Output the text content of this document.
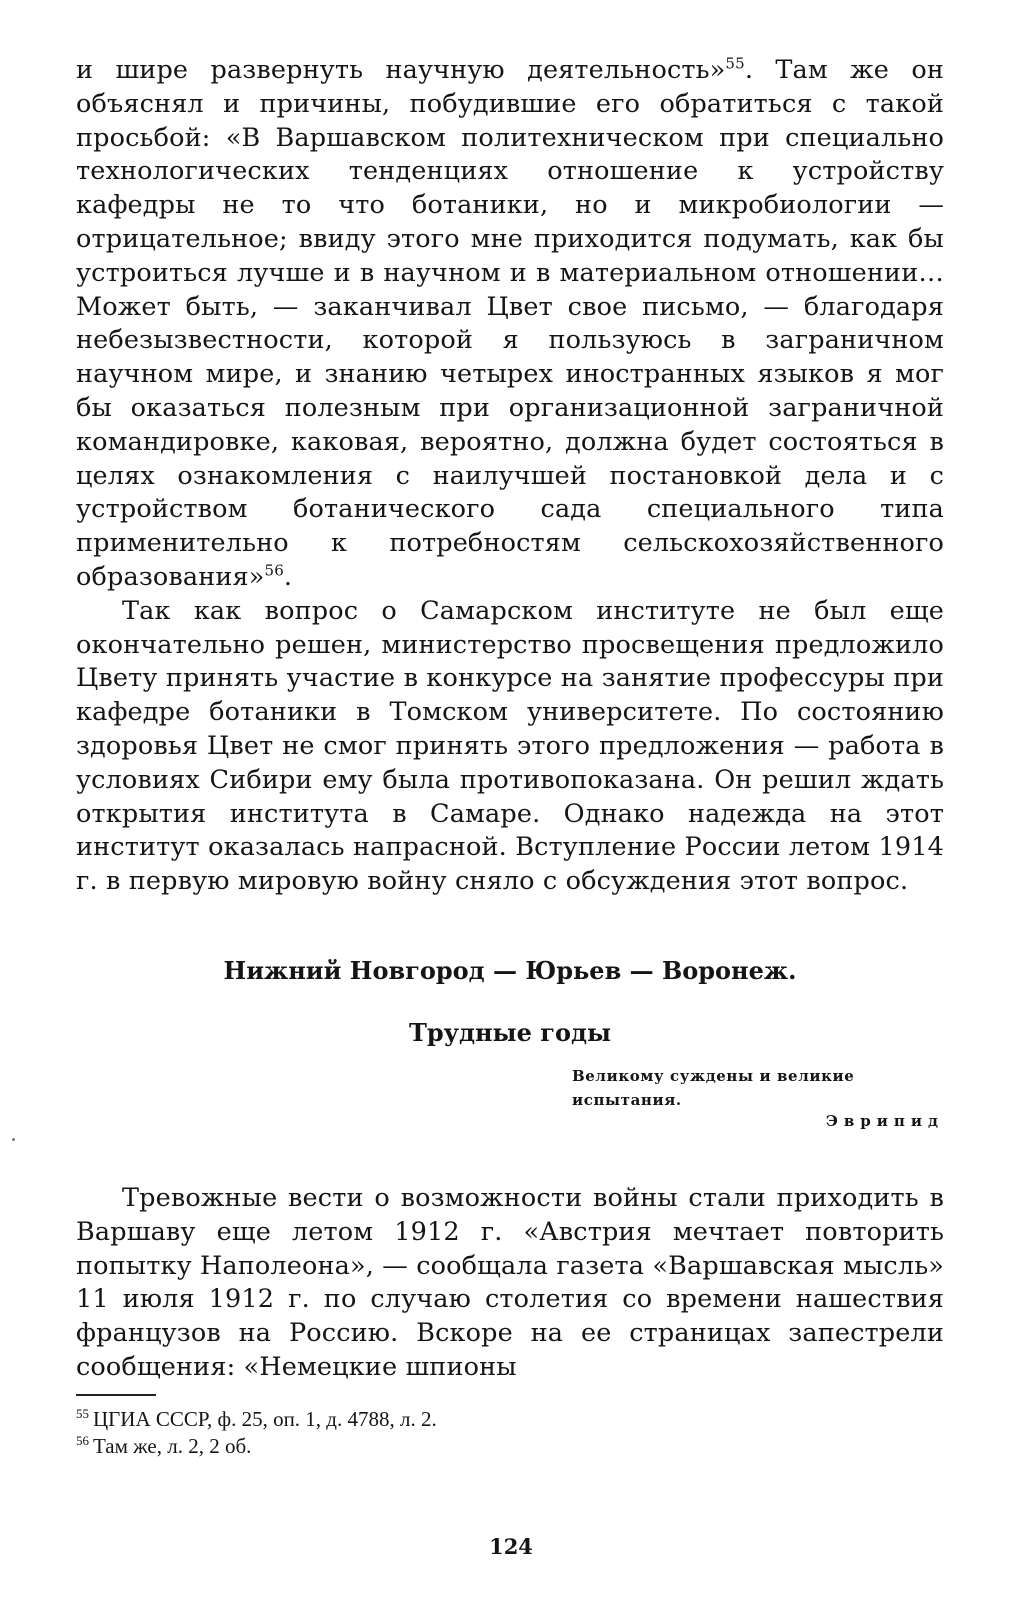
и шире развернуть научную деятельность»$^{55}$. Там же он объяснял и причины, побудившие его обратиться с такой просьбой: «В Варшавском политехническом при специально технологических тенденциях отношение к устройству кафедры не то что ботаники, но и микробиологии — отрицательное; ввиду этого мне приходится подумать, как бы устроиться лучше и в научном и в материальном отношении… Может быть, — заканчивал Цвет свое письмо, — благодаря небезызвестности, которой я пользуюсь в заграничном научном мире, и знанию четырех иностранных языков я мог бы оказаться полезным при организационной заграничной командировке, каковая, вероятно, должна будет состояться в целях ознакомления с наилучшей постановкой дела и с устройством ботанического сада специального типа применительно к потребностям сельскохозяйственного образования»$^{56}$.

Так как вопрос о Самарском институте не был еще окончательно решен, министерство просвещения предложило Цвету принять участие в конкурсе на занятие профессуры при кафедре ботаники в Томском университете. По состоянию здоровья Цвет не смог принять этого предложения — работа в условиях Сибири ему была противопоказана. Он решил ждать открытия института в Самаре. Однако надежда на этот институт оказалась напрасной. Вступление России летом 1914 г. в первую мировую войну сняло с обсуждения этот вопрос.

Нижний Новгород — Юрьев — Воронеж.
Трудные годы
Великому суждены и великие испытания.
Эврипид

Тревожные вести о возможности войны стали приходить в Варшаву еще летом 1912 г. «Австрия мечтает повторить попытку Наполеона», — сообщала газета «Варшавская мысль» 11 июля 1912 г. по случаю столетия со времени нашествия французов на Россию. Вскоре на ее страницах запестрели сообщения: «Немецкие шпионы

$^{55}$ ЦГИА СССР, ф. 25, оп. 1, д. 4788, л. 2.
$^{56}$ Там же, л. 2, 2 об.
124
